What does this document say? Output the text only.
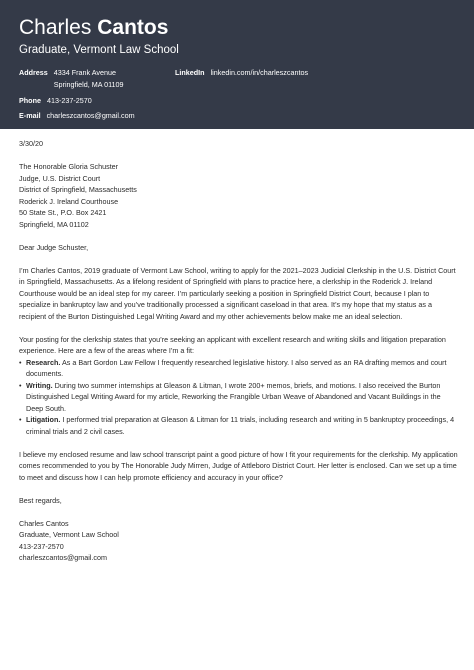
Charles Cantos
Graduate, Vermont Law School
Address 4334 Frank Avenue
Springfield, MA 01109
LinkedIn linkedin.com/in/charleszcantos
Phone 413-237-2570
E-mail charleszcantos@gmail.com
3/30/20
The Honorable Gloria Schuster
Judge, U.S. District Court
District of Springfield, Massachusetts
Roderick J. Ireland Courthouse
50 State St., P.O. Box 2421
Springfield, MA 01102

Dear Judge Schuster,

I’m Charles Cantos, 2019 graduate of Vermont Law School, writing to apply for the 2021–2023 Judicial Clerkship in the U.S. District Court in Springfield, Massachusetts. As a lifelong resident of Springfield with plans to practice here, a clerkship in the Roderick J. Ireland Courthouse would be an ideal step for my career. I’m particularly seeking a position in Springfield District Court, because I plan to specialize in bankruptcy law and you’ve traditionally processed a significant caseload in that area. It’s my hope that my status as a recipient of the Burton Distinguished Legal Writing Award and my other achievements below make me an ideal selection.

Your posting for the clerkship states that you’re seeking an applicant with excellent research and writing skills and litigation preparation experience. Here are a few of the areas where I’m a fit:

• Research. As a Bart Gordon Law Fellow I frequently researched legislative history. I also served as an RA drafting memos and court documents.
• Writing. During two summer internships at Gleason & Litman, I wrote 200+ memos, briefs, and motions. I also received the Burton Distinguished Legal Writing Award for my article, Reworking the Frangible Urban Weave of Abandoned and Vacant Buildings in the Deep South.
• Litigation. I performed trial preparation at Gleason & Litman for 11 trials, including research and writing in 5 bankruptcy proceedings, 4 criminal trials and 2 civil cases.

I believe my enclosed resume and law school transcript paint a good picture of how I fit your requirements for the clerkship. My application comes recommended to you by The Honorable Judy Mirren, Judge of Attleboro District Court. Her letter is enclosed. Can we set up a time to meet and discuss how I can help promote efficiency and accuracy in your office?

Best regards,

Charles Cantos
Graduate, Vermont Law School
413-237-2570
charleszcantos@gmail.com
